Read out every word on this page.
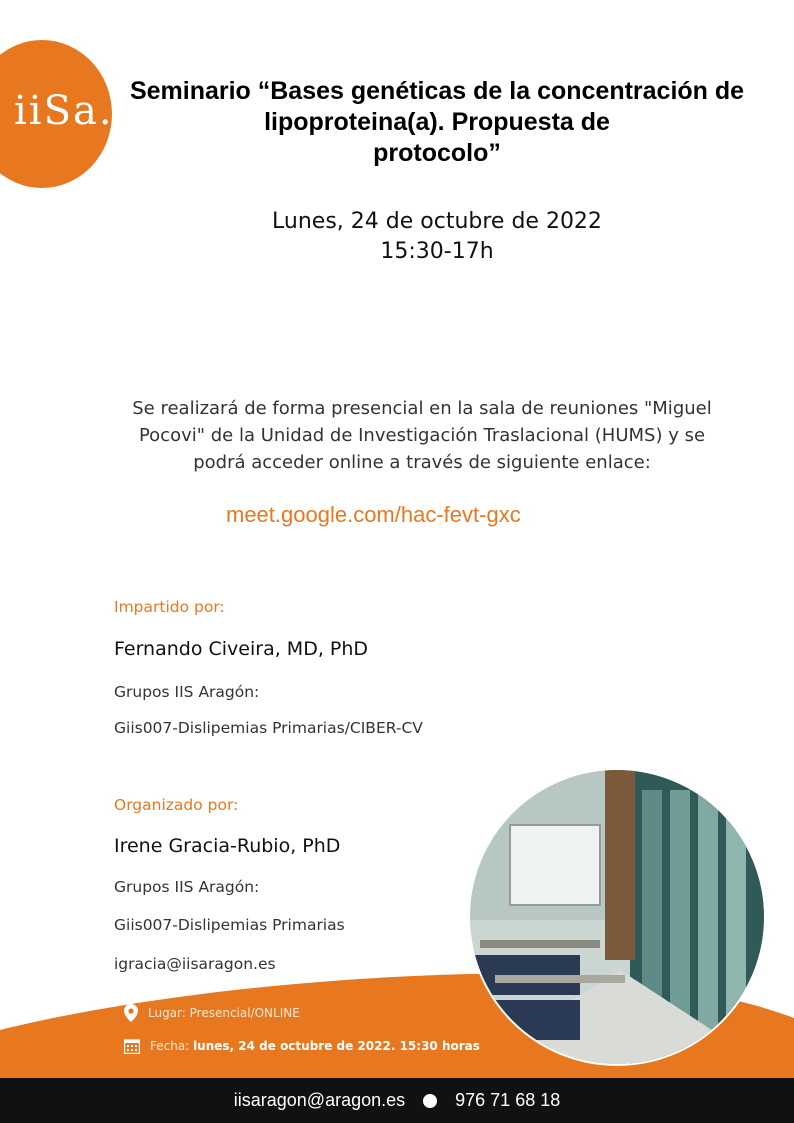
iiSa. Seminario “Bases genéticas de la concentración de
lipoproteina(a). Propuesta de
protocolo”
Lunes, 24 de octubre de 2022
15:30-17h
Se realizará de forma presencial en la sala de reuniones "Miguel
Pocovi" de la Unidad de Investigación Traslacional (HUMS) y se
podrá acceder online a través de siguiente enlace:
meet.google.com/hac-fevt-gxc
Impartido por:
Fernando Civeira, MD, PhD
Grupos IIS Aragón:
Giis007-Dislipemias Primarias/CIBER-CV
Organizado por:
Irene Gracia-Rubio, PhD
Grupos IIS Aragón:
Giis007-Dislipemias Primarias
igracia@iisaragon.es
Lugar: Presencial/ONLINE
Fecha: lunes, 24 de octubre de 2022. 15:30 horas
iisaragon@aragon.es	976 71 68 18
